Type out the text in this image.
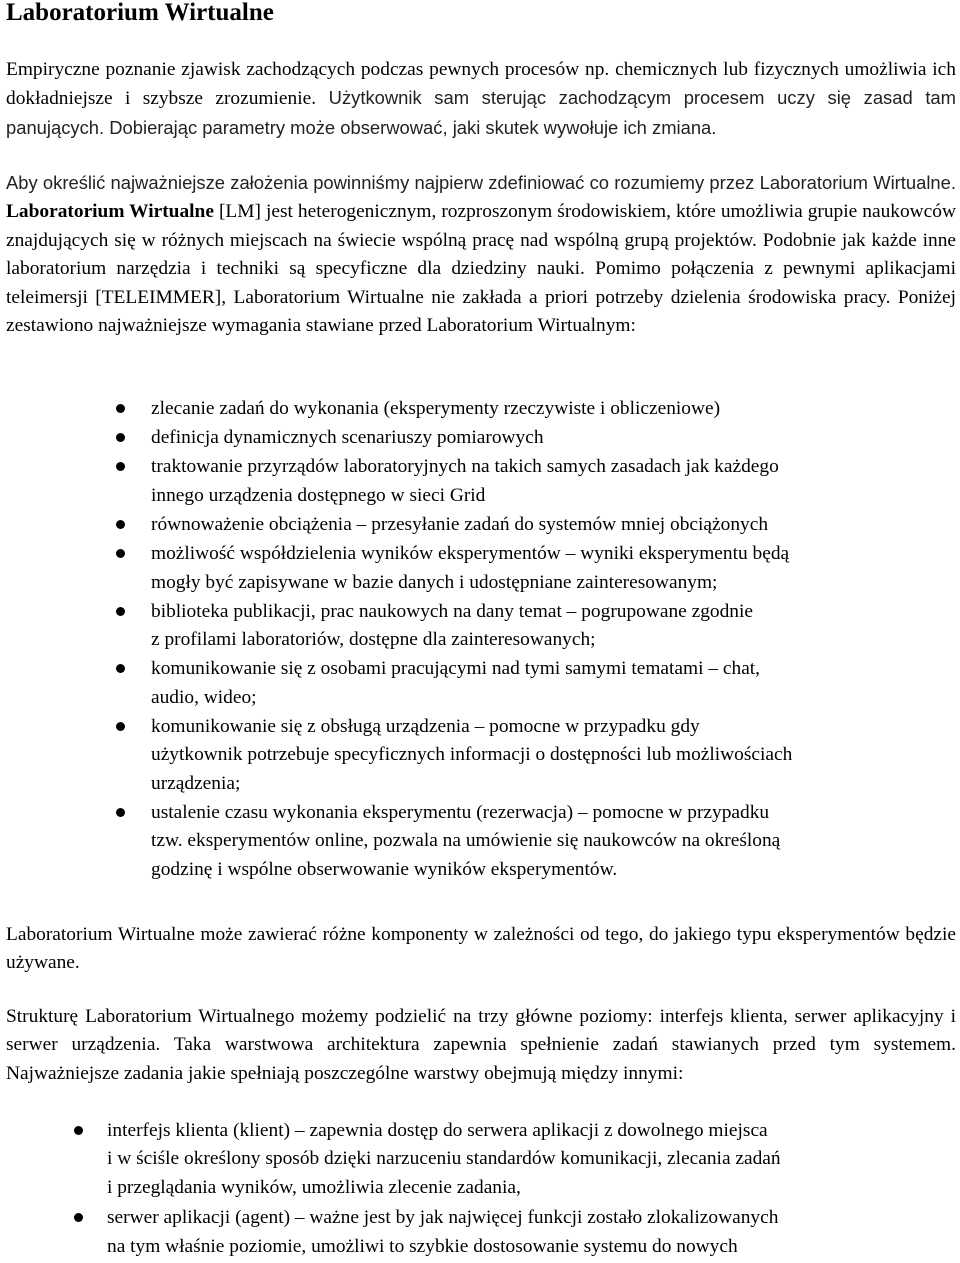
Laboratorium Wirtualne

Empiryczne poznanie zjawisk zachodzących podczas pewnych procesów np. chemicznych lub fizycznych umożliwia ich dokładniejsze i szybsze zrozumienie. Użytkownik sam sterując zachodzącym procesem uczy się zasad tam panujących. Dobierając parametry może obserwować, jaki skutek wywołuje ich zmiana.

Aby określić najważniejsze założenia powinniśmy najpierw zdefiniować co rozumiemy przez Laboratorium Wirtualne. Laboratorium Wirtualne [LM] jest heterogenicznym, rozproszonym środowiskiem, które umożliwia grupie naukowców znajdujących się w różnych miejscach na świecie wspólną pracę nad wspólną grupą projektów. Podobnie jak każde inne laboratorium narzędzia i techniki są specyficzne dla dziedziny nauki. Pomimo połączenia z pewnymi aplikacjami teleimersji [TELEIMMER], Laboratorium Wirtualne nie zakłada a priori potrzeby dzielenia środowiska pracy. Poniżej zestawiono najważniejsze wymagania stawiane przed Laboratorium Wirtualnym:

zlecanie zadań do wykonania (eksperymenty rzeczywiste i obliczeniowe)
definicja dynamicznych scenariuszy pomiarowych
traktowanie przyrządów laboratoryjnych na takich samych zasadach jak każdego
innego urządzenia dostępnego w sieci Grid
równoważenie obciążenia – przesyłanie zadań do systemów mniej obciążonych
możliwość współdzielenia wyników eksperymentów – wyniki eksperymentu będą
mogły być zapisywane w bazie danych i udostępniane zainteresowanym;
biblioteka publikacji, prac naukowych na dany temat – pogrupowane zgodnie
z profilami laboratoriów, dostępne dla zainteresowanych;
komunikowanie się z osobami pracującymi nad tymi samymi tematami – chat,
audio, wideo;
komunikowanie się z obsługą urządzenia – pomocne w przypadku gdy
użytkownik potrzebuje specyficznych informacji o dostępności lub możliwościach
urządzenia;
ustalenie czasu wykonania eksperymentu (rezerwacja) – pomocne w przypadku
tzw. eksperymentów online, pozwala na umówienie się naukowców na określoną
godzinę i wspólne obserwowanie wyników eksperymentów.

Laboratorium Wirtualne może zawierać różne komponenty w zależności od tego, do jakiego typu eksperymentów będzie używane.

Strukturę Laboratorium Wirtualnego możemy podzielić na trzy główne poziomy: interfejs klienta, serwer aplikacyjny i serwer urządzenia. Taka warstwowa architektura zapewnia spełnienie zadań stawianych przed tym systemem. Najważniejsze zadania jakie spełniają poszczególne warstwy obejmują między innymi:

interfejs klienta (klient) – zapewnia dostęp do serwera aplikacji z dowolnego miejsca
i w ściśle określony sposób dzięki narzuceniu standardów komunikacji, zlecania zadań
i przeglądania wyników, umożliwia zlecenie zadania,
serwer aplikacji (agent) – ważne jest by jak najwięcej funkcji zostało zlokalizowanych
na tym właśnie poziomie, umożliwi to szybkie dostosowanie systemu do nowych
